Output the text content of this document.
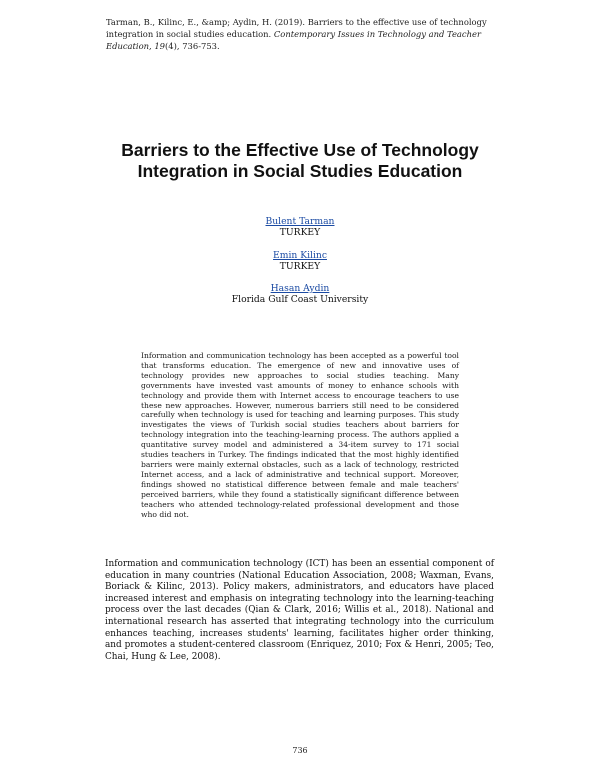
Tarman, B., Kilinc, E., &amp; Aydin, H. (2019). Barriers to the effective use of technology
integration in social studies education. Contemporary Issues in Technology and Teacher
Education, 19(4), 736-753.
Barriers to the Effective Use of Technology
Integration in Social Studies Education
Bulent Tarman
TURKEY
Emin Kilinc
TURKEY
Hasan Aydin
Florida Gulf Coast University
Information and communication technology has been accepted as a powerful tool that transforms education. The emergence of new and innovative uses of technology provides new approaches to social studies teaching. Many governments have invested vast amounts of money to enhance schools with technology and provide them with Internet access to encourage teachers to use these new approaches. However, numerous barriers still need to be considered carefully when technology is used for teaching and learning purposes. This study investigates the views of Turkish social studies teachers about barriers for technology integration into the teaching-learning process. The authors applied a quantitative survey model and administered a 34-item survey to 171 social studies teachers in Turkey. The findings indicated that the most highly identified barriers were mainly external obstacles, such as a lack of technology, restricted Internet access, and a lack of administrative and technical support. Moreover, findings showed no statistical difference between female and male teachers' perceived barriers, while they found a statistically significant difference between teachers who attended technology-related professional development and those who did not.
Information and communication technology (ICT) has been an essential component of education in many countries (National Education Association, 2008; Waxman, Evans, Boriack & Kilinc, 2013). Policy makers, administrators, and educators have placed increased interest and emphasis on integrating technology into the learning-teaching process over the last decades (Qian & Clark, 2016; Willis et al., 2018). National and international research has asserted that integrating technology into the curriculum enhances teaching, increases students' learning, facilitates higher order thinking, and promotes a student-centered classroom (Enriquez, 2010; Fox & Henri, 2005; Teo, Chai, Hung & Lee, 2008).
736
